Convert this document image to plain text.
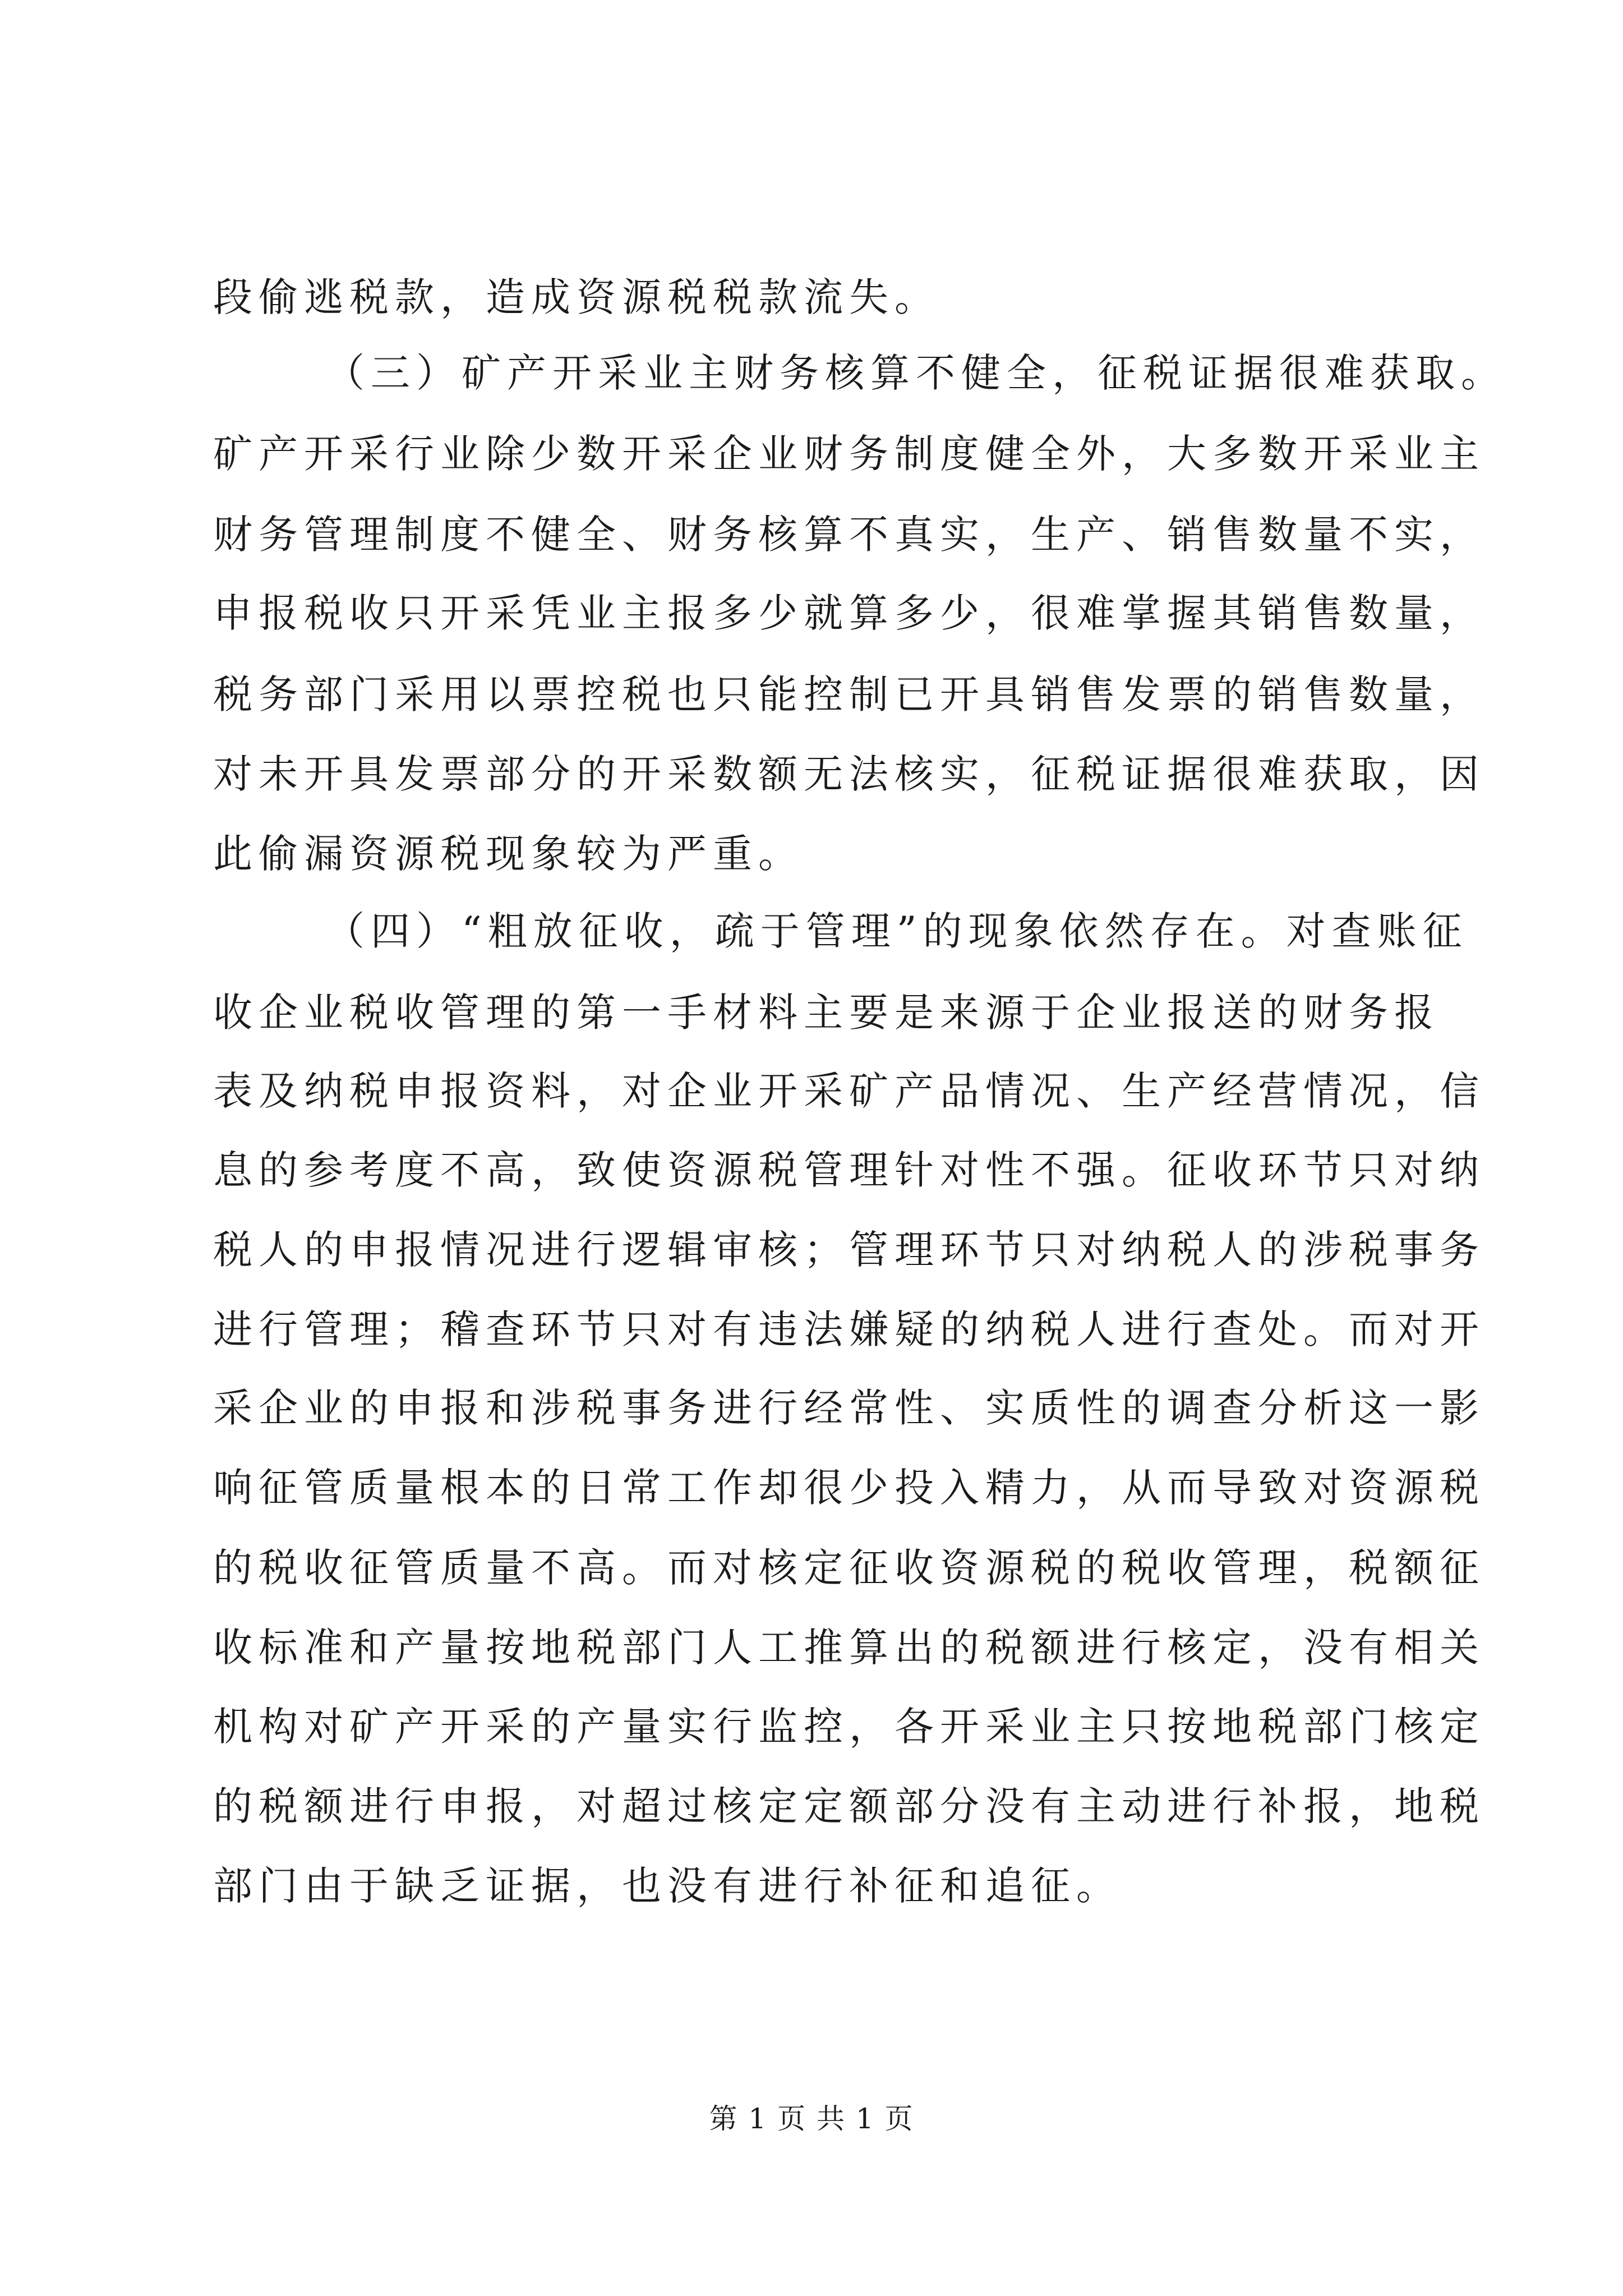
段偷逃税款，造成资源税税款流失。

（三）矿产开采业主财务核算不健全，征税证据很难获取。

矿产开采行业除少数开采企业财务制度健全外，大多数开采业主

财务管理制度不健全、财务核算不真实，生产、销售数量不实，

申报税收只开采凭业主报多少就算多少，很难掌握其销售数量，

税务部门采用以票控税也只能控制已开具销售发票的销售数量，

对未开具发票部分的开采数额无法核实，征税证据很难获取，因

此偷漏资源税现象较为严重。

（四）“粗放征收，疏于管理”的现象依然存在。对查账征

收企业税收管理的第一手材料主要是来源于企业报送的财务报

表及纳税申报资料，对企业开采矿产品情况、生产经营情况，信

息的参考度不高，致使资源税管理针对性不强。征收环节只对纳

税人的申报情况进行逻辑审核；管理环节只对纳税人的涉税事务

进行管理；稽查环节只对有违法嫌疑的纳税人进行查处。而对开

采企业的申报和涉税事务进行经常性、实质性的调查分析这一影

响征管质量根本的日常工作却很少投入精力，从而导致对资源税

的税收征管质量不高。而对核定征收资源税的税收管理，税额征

收标准和产量按地税部门人工推算出的税额进行核定，没有相关

机构对矿产开采的产量实行监控，各开采业主只按地税部门核定

的税额进行申报，对超过核定定额部分没有主动进行补报，地税

部门由于缺乏证据，也没有进行补征和追征。

第 1 页 共 1 页
